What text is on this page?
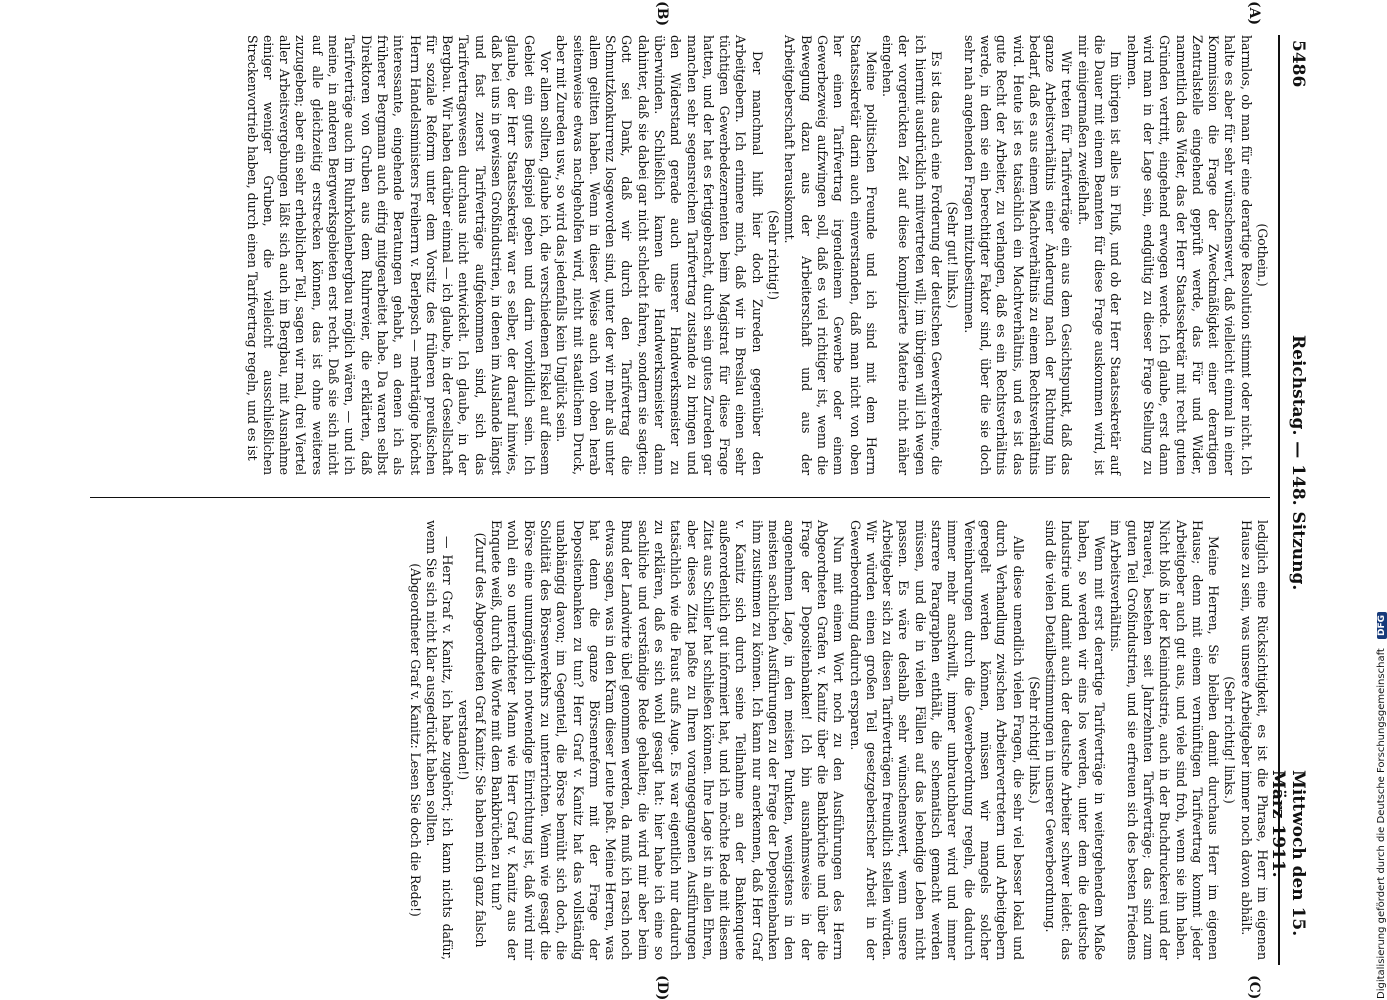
5486
Reichstag. — 148. Sitzung.
Mittwoch den 15. März 1911.
(A)
(B)
(C)
(D)

(Gothein.)

harmlos, ob man für eine derartige Resolution stimmt oder nicht. Ich halte es aber für sehr wünschenswert, daß vielleicht einmal in einer Kommission die Frage der Zweckmäßigkeit einer derartigen Zentralstelle eingehend geprüft werde, das Für und Wider, namentlich das Wider, das der Herr Staatssekretär mit recht guten Gründen vertritt, eingehend erwogen werde. Ich glaube, erst dann wird man in der Lage sein, endgültig zu dieser Frage Stellung zu nehmen.

Im übrigen ist alles in Fluß, und ob der Herr Staatssekretär auf die Dauer mit einem Beamten für diese Frage auskommen wird, ist mir einigermaßen zweifelhaft.

Wir treten für Tarifverträge ein aus dem Gesichtspunkt, daß das ganze Arbeitsverhältnis einer Änderung nach der Richtung hin bedarf, daß es aus einem Machtverhältnis zu einem Rechtsverhältnis wird. Heute ist es tatsächlich ein Machtverhältnis, und es ist das gute Recht der Arbeiter, zu verlangen, daß es ein Rechtsverhältnis werde, in dem sie ein berechtigter Faktor sind, über die sie doch sehr nah angehenden Fragen mitzubestimmen.

(Sehr gut! links.)

Es ist das auch eine Forderung der deutschen Gewerkvereine, die ich hiermit ausdrücklich mitvertreten will; im übrigen will ich wegen der vorgerückten Zeit auf diese komplizierte Materie nicht näher eingehen.

Meine politischen Freunde und ich sind mit dem Herrn Staatssekretär darin auch einverstanden, daß man nicht von oben her einen Tarifvertrag irgendeinem Gewerbe oder einem Gewerbezweig aufzwingen soll, daß es viel richtiger ist, wenn die Bewegung dazu aus der Arbeiterschaft und aus der Arbeitgeberschaft herauskommt.

(Sehr richtig!)

Der manchmal hilft hier doch Zureden gegenüber den Arbeitgebern. Ich erinnere mich, daß wir in Breslau einen sehr tüchtigen Gewerbedezernenten beim Magistrat für diese Frage hatten, und der hat es fertiggebracht, durch sein gutes Zureden gar manchen sehr segensreichen Tarifvertrag zustande zu bringen und den Widerstand gerade auch unserer Handwerksmeister zu überwinden. Schließlich kamen die Handwerksmeister dann dahinter, daß sie dabei gar nicht schlecht fahren, sondern sie sagten: Gott sei Dank, daß wir durch den Tarifvertrag die Schmutzkonkurrenz losgeworden sind, unter der wir mehr als unter allem gelitten haben. Wenn in dieser Weise auch von oben herab seitenweise etwas nachgeholfen wird, nicht mit staatlichem Druck, aber mit Zureden usw., so wird das jedenfalls kein Unglück sein.

Vor allem sollten, glaube ich, die verschiedenen Fiskel auf diesem Gebiet ein gutes Beispiel geben und darin vorbildlich sein. Ich glaube, der Herr Staatssekretär war es selber, der darauf hinwies, daß bei uns in gewissen Großindustrien, in denen im Auslande längst und fast zuerst Tarifverträge aufgekommen sind, sich das Tarifvertragswesen durchaus nicht entwickelt. Ich glaube, in der Bergbau. Wir haben darüber einmal — ich glaube, in der Gesellschaft für soziale Reform unter dem Vorsitz des früheren preußischen Herrn Handelsministers Freiherrn v. Berlepsch — mehrtägige höchst interessante, eingehende Beratungen gehabt, an denen ich als früherer Bergmann auch eifrig mitgearbeitet habe. Da waren selbst Direktoren von Gruben aus dem Ruhrrevier, die erklärten, daß Tarifverträge auch im Ruhrkohlenbergbau möglich wären, — und ich meine, in anderen Bergwerksgebieten erst recht. Daß sie sich nicht auf alle gleichzeitig erstrecken können, das ist ohne weiteres zuzugeben; aber ein sehr erheblicher Teil, sagen wir mal, drei Viertel aller Arbeitsvergebungen läßt sich auch im Bergbau, mit Ausnahme einiger weniger Gruben, die vielleicht ausschließlichen Streckenvortrieb haben, durch einen Tarifvertrag regeln, und es ist

lediglich eine Rücksichtigkeit, es ist die Phrase, Herr im eigenen Hause zu sein, was unsere Arbeitgeber immer noch davon abhält.

(Sehr richtig! links.)

Meine Herren, Sie bleiben damit durchaus Herr im eigenen Hause; denn mit einem vernünftigen Tarifvertrag kommt jeder Arbeitgeber auch gut aus, und viele sind froh, wenn sie ihn haben. Nicht bloß in der Kleinindustrie, auch in der Buchdruckerei und der Brauerei, bestehen seit Jahrzehnten Tarifverträge; das sind zum guten Teil Großindustrien, und sie erfreuen sich des besten Friedens im Arbeitsverhältnis.

Wenn mit erst derartige Tarifverträge in weitergehendem Maße haben, so werden wir eins los werden, unter dem die deutsche Industrie und damit auch der deutsche Arbeiter schwer leidet: das sind die vielen Detailbestimmungen in unserer Gewerbeordnung.

(Sehr richtig! links.)

Alle diese unendlich vielen Fragen, die sehr viel besser lokal und durch Verhandlung zwischen Arbeitervertretern und Arbeitgebern geregelt werden können, müssen wir mangels solcher Vereinbarungen durch die Gewerbeordnung regeln, die dadurch immer mehr anschwillt, immer unbrauchbarer wird und immer starrere Paragraphen enthält, die schematisch gemacht werden müssen, und die in vielen Fällen auf das lebendige Leben nicht passen. Es wäre deshalb sehr wünschenswert, wenn unsere Arbeitgeber sich zu diesen Tarifverträgen freundlich stellen würden. Wir würden einen großen Teil gesetzgeberischer Arbeit in der Gewerbeordnung dadurch ersparen.

Nun mit einem Wort noch zu den Ausführungen des Herrn Abgeordneten Grafen v. Kanitz über die Bankbrüche und über die Frage der Depositenbanken! Ich bin ausnahmsweise in der angenehmen Lage, in den meisten Punkten, wenigstens in den meisten sachlichen Ausführungen zu der Frage der Depositenbanken ihm zustimmen zu können. Ich kann nur anerkennen, daß Herr Graf v. Kanitz sich durch seine Teilnahme an der Bankenquete außerordentlich gut informiert hat, und ich möchte Rede mit diesem Zitat aus Schiller hat schließen können. Ihre Lage ist in allen Ehren, aber dieses Zitat paßte zu Ihren vorangegangenen Ausführungen tatsächlich wie die Faust aufs Auge. Es war eigentlich nur dadurch zu erklären, daß es sich wohl gesagt hat: hier habe ich eine so sachliche und verständige Rede gehalten; die wird mir aber beim Bund der Landwirte übel genommen werden, da muß ich rasch noch etwas sagen, was in den Kram dieser Leute paßt. Meine Herren, was hat denn die ganze Börsenreform mit der Frage der Depositenbanken zu tun? Herr Graf v. Kanitz hat das vollständig unabhängig davon; im Gegenteil, die Börse bemüht sich doch, die Solidität des Börsenverkehrs zu unterrichten. Wenn wie gesagt die Börse eine unumgänglich notwendige Einrichtung ist, daß wird mir wohl ein so unterrichteter Mann wie Herr Graf v. Kanitz aus der Enquete weiß, durch die Worte mit dem Bankbrüchen zu tun?

(Zuruf des Abgeordneten Graf Kanitz: Sie haben mich ganz falsch verstanden!)

— Herr Graf v. Kanitz, ich habe zugehört; ich kann nichts dafür, wenn Sie sich nicht klar ausgedrückt haben sollten.

(Abgeordneter Graf v. Kanitz: Lesen Sie doch die Rede!)	Digitalisierung gefördert durch die Deutsche Forschungsgemeinschaft DFG
